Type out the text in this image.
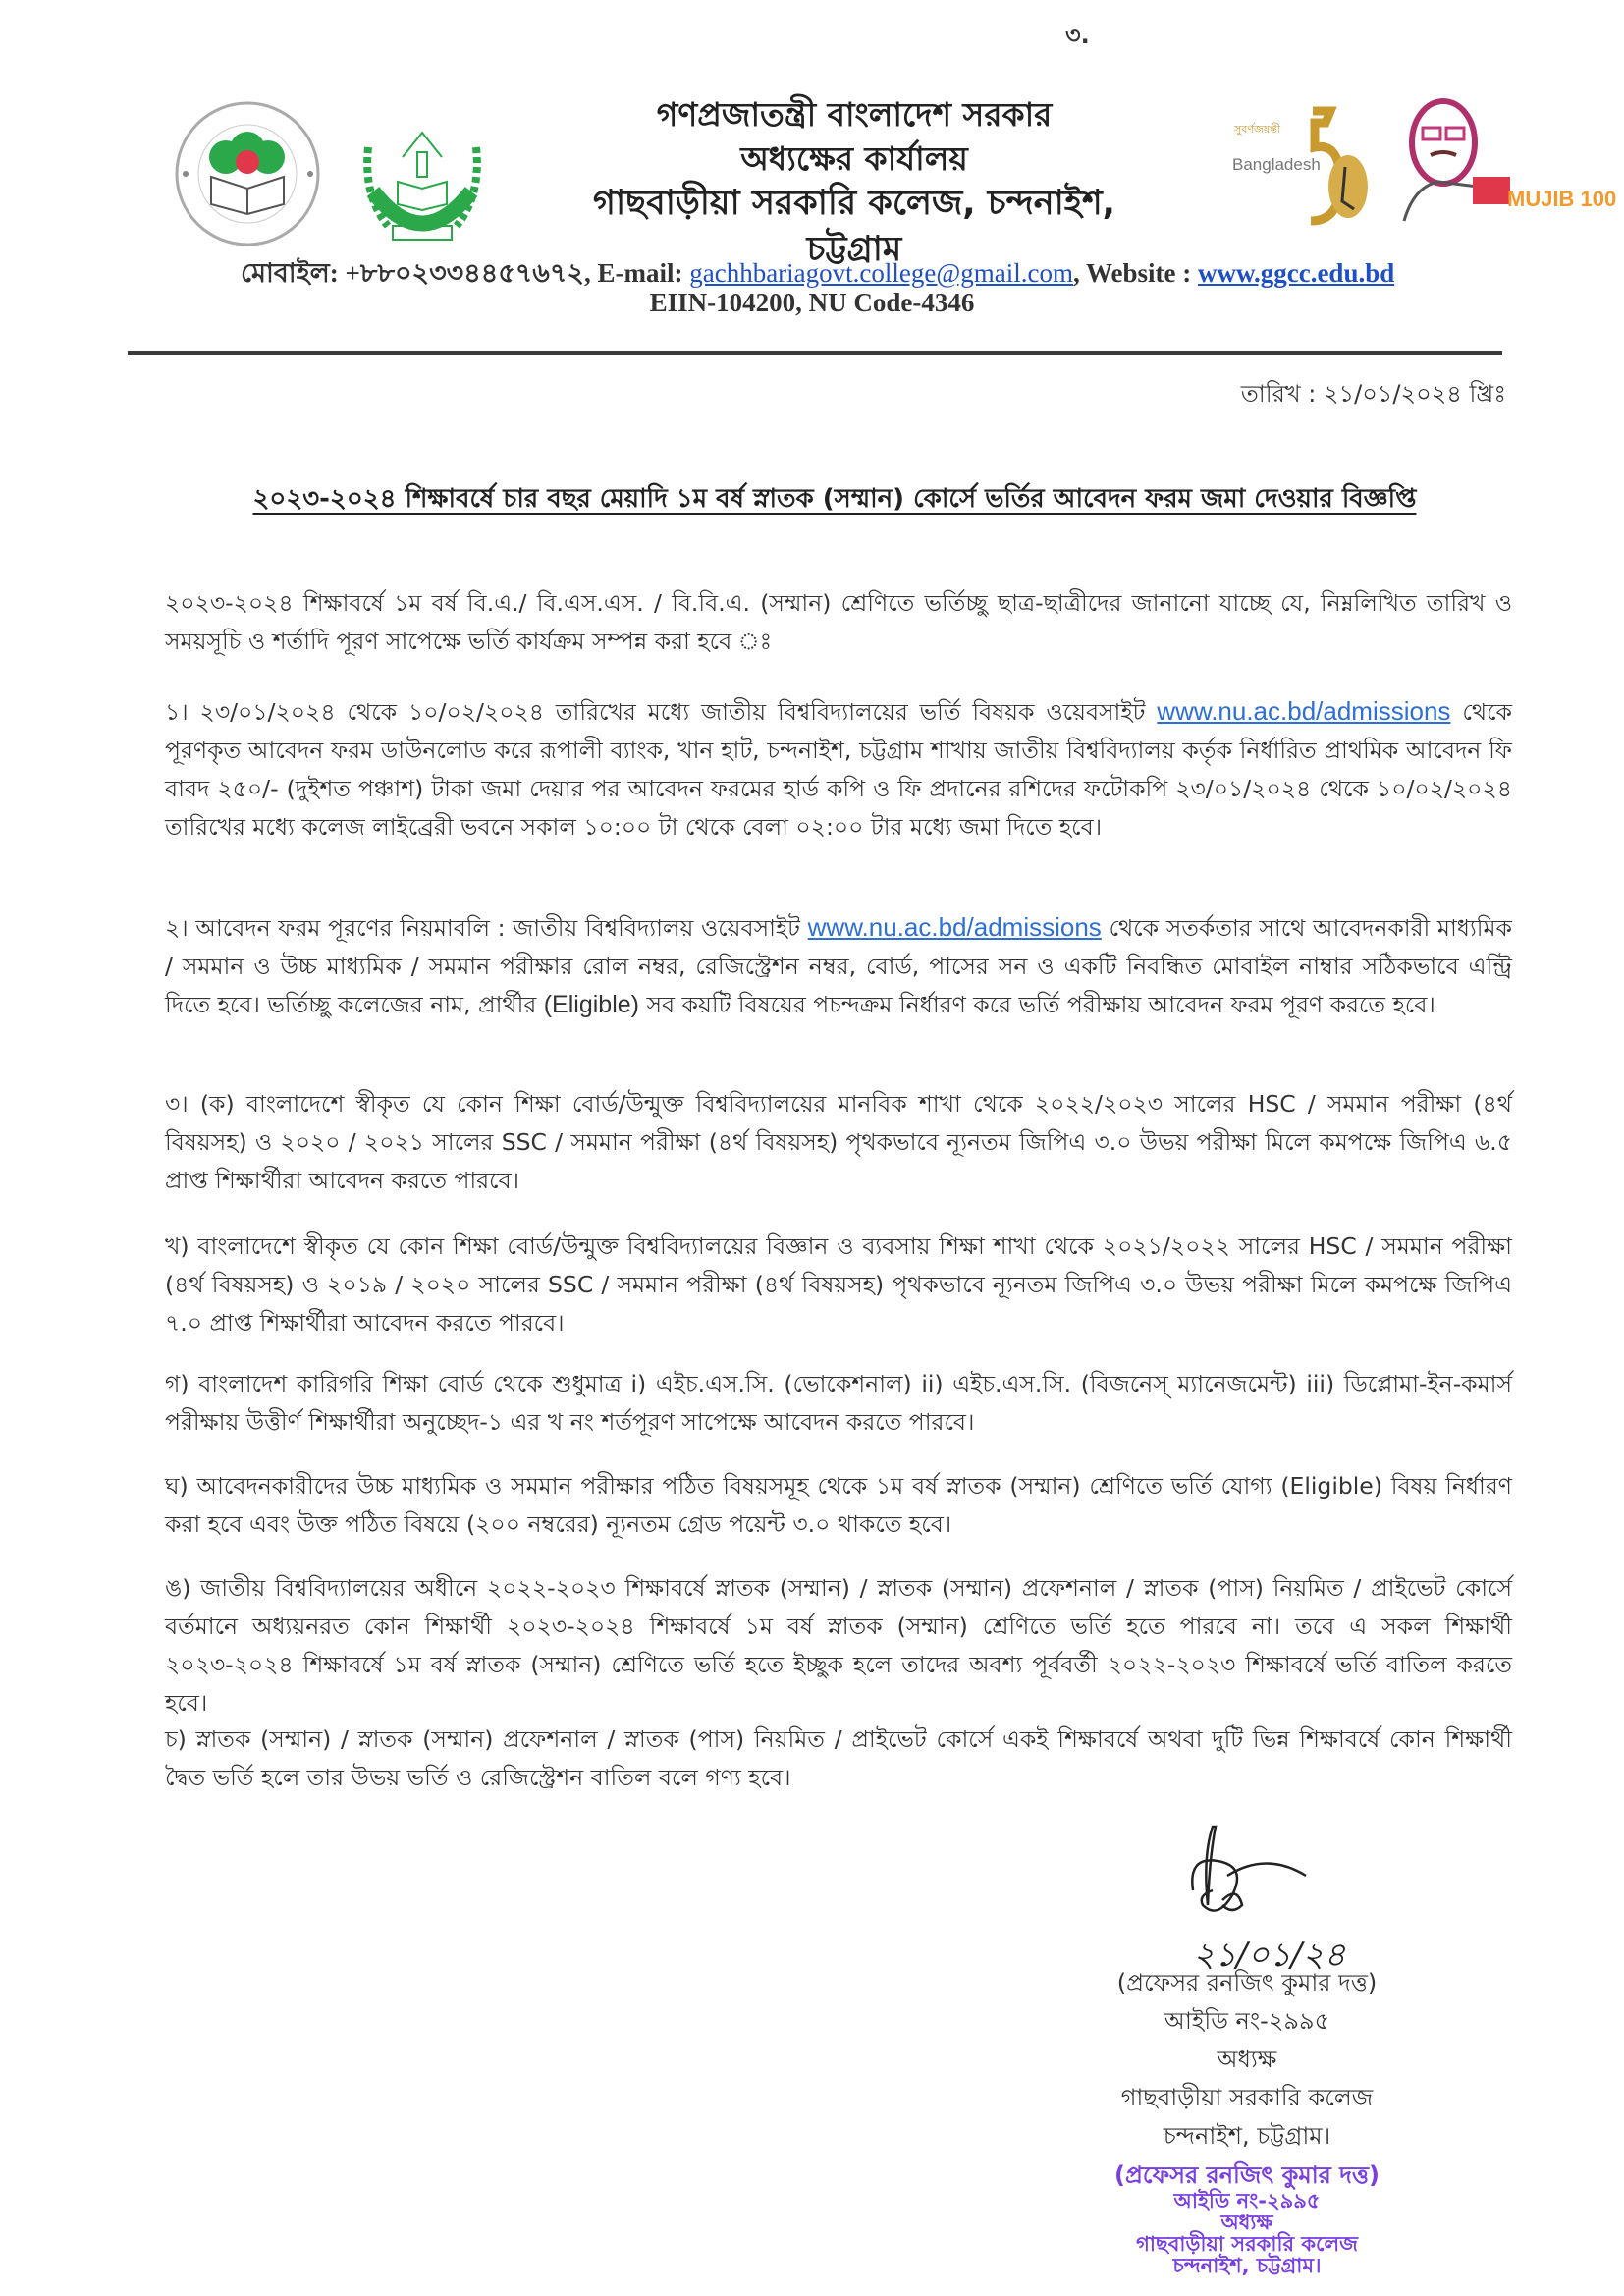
৩.
গণপ্রজাতন্ত্রী বাংলাদেশ সরকার
অধ্যক্ষের কার্যালয়
গাছবাড়ীয়া সরকারি কলেজ, চন্দনাইশ, চট্টগ্রাম
সুবর্ণজয়ন্তী
Bangladesh
MUJIB 100
মোবাইল: +৮৮০২৩৩৪৪৫৭৬৭২, E-mail: gachhbariagovt.college@gmail.com, Website : www.ggcc.edu.bd
EIIN-104200, NU Code-4346
তারিখ : ২১/০১/২০২৪ খ্রিঃ
২০২৩-২০২৪ শিক্ষাবর্ষে চার বছর মেয়াদি ১ম বর্ষ স্নাতক (সম্মান) কোর্সে ভর্তির আবেদন ফরম জমা দেওয়ার বিজ্ঞপ্তি
২০২৩-২০২৪ শিক্ষাবর্ষে ১ম বর্ষ বি.এ./ বি.এস.এস. / বি.বি.এ. (সম্মান) শ্রেণিতে ভর্তিচ্ছু ছাত্র-ছাত্রীদের জানানো যাচ্ছে যে, নিম্নলিখিত তারিখ ও সময়সূচি ও শর্তাদি পূরণ সাপেক্ষে ভর্তি কার্যক্রম সম্পন্ন করা হবে ঃ
১। ২৩/০১/২০২৪ থেকে ১০/০২/২০২৪ তারিখের মধ্যে জাতীয় বিশ্ববিদ্যালয়ের ভর্তি বিষয়ক ওয়েবসাইট www.nu.ac.bd/admissions থেকে পূরণকৃত আবেদন ফরম ডাউনলোড করে রূপালী ব্যাংক, খান হাট, চন্দনাইশ, চট্টগ্রাম শাখায় জাতীয় বিশ্ববিদ্যালয় কর্তৃক নির্ধারিত প্রাথমিক আবেদন ফি বাবদ ২৫০/- (দুইশত পঞ্চাশ) টাকা জমা দেয়ার পর আবেদন ফরমের হার্ড কপি ও ফি প্রদানের রশিদের ফটোকপি ২৩/০১/২০২৪ থেকে ১০/০২/২০২৪ তারিখের মধ্যে কলেজ লাইব্রেরী ভবনে সকাল ১০:০০ টা থেকে বেলা ০২:০০ টার মধ্যে জমা দিতে হবে।
২। আবেদন ফরম পূরণের নিয়মাবলি : জাতীয় বিশ্ববিদ্যালয় ওয়েবসাইট www.nu.ac.bd/admissions থেকে সতর্কতার সাথে আবেদনকারী মাধ্যমিক / সমমান ও উচ্চ মাধ্যমিক / সমমান পরীক্ষার রোল নম্বর, রেজিস্ট্রেশন নম্বর, বোর্ড, পাসের সন ও একটি নিবন্ধিত মোবাইল নাম্বার সঠিকভাবে এন্ট্রি দিতে হবে। ভর্তিচ্ছু কলেজের নাম, প্রার্থীর (Eligible) সব কয়টি বিষয়ের পচন্দক্রম নির্ধারণ করে ভর্তি পরীক্ষায় আবেদন ফরম পূরণ করতে হবে।
৩। (ক) বাংলাদেশে স্বীকৃত যে কোন শিক্ষা বোর্ড/উন্মুক্ত বিশ্ববিদ্যালয়ের মানবিক শাখা থেকে ২০২২/২০২৩ সালের HSC / সমমান পরীক্ষা (৪র্থ বিষয়সহ) ও ২০২০ / ২০২১ সালের SSC / সমমান পরীক্ষা (৪র্থ বিষয়সহ) পৃথকভাবে ন্যূনতম জিপিএ ৩.০ উভয় পরীক্ষা মিলে কমপক্ষে জিপিএ ৬.৫ প্রাপ্ত শিক্ষার্থীরা আবেদন করতে পারবে।
খ) বাংলাদেশে স্বীকৃত যে কোন শিক্ষা বোর্ড/উন্মুক্ত বিশ্ববিদ্যালয়ের বিজ্ঞান ও ব্যবসায় শিক্ষা শাখা থেকে ২০২১/২০২২ সালের HSC / সমমান পরীক্ষা (৪র্থ বিষয়সহ) ও ২০১৯ / ২০২০ সালের SSC / সমমান পরীক্ষা (৪র্থ বিষয়সহ) পৃথকভাবে ন্যূনতম জিপিএ ৩.০ উভয় পরীক্ষা মিলে কমপক্ষে জিপিএ ৭.০ প্রাপ্ত শিক্ষার্থীরা আবেদন করতে পারবে।
গ) বাংলাদেশ কারিগরি শিক্ষা বোর্ড থেকে শুধুমাত্র i) এইচ.এস.সি. (ভোকেশনাল) ii) এইচ.এস.সি. (বিজনেস্ ম্যানেজমেন্ট) iii) ডিপ্লোমা-ইন-কমার্স পরীক্ষায় উত্তীর্ণ শিক্ষার্থীরা অনুচ্ছেদ-১ এর খ নং শর্তপূরণ সাপেক্ষে আবেদন করতে পারবে।
ঘ) আবেদনকারীদের উচ্চ মাধ্যমিক ও সমমান পরীক্ষার পঠিত বিষয়সমূহ থেকে ১ম বর্ষ স্নাতক (সম্মান) শ্রেণিতে ভর্তি যোগ্য (Eligible) বিষয় নির্ধারণ করা হবে এবং উক্ত পঠিত বিষয়ে (২০০ নম্বরের) ন্যূনতম গ্রেড পয়েন্ট ৩.০ থাকতে হবে।
ঙ) জাতীয় বিশ্ববিদ্যালয়ের অধীনে ২০২২-২০২৩ শিক্ষাবর্ষে স্নাতক (সম্মান) / স্নাতক (সম্মান) প্রফেশনাল / স্নাতক (পাস) নিয়মিত / প্রাইভেট কোর্সে বর্তমানে অধ্যয়নরত কোন শিক্ষার্থী ২০২৩-২০২৪ শিক্ষাবর্ষে ১ম বর্ষ স্নাতক (সম্মান) শ্রেণিতে ভর্তি হতে পারবে না। তবে এ সকল শিক্ষার্থী ২০২৩-২০২৪ শিক্ষাবর্ষে ১ম বর্ষ স্নাতক (সম্মান) শ্রেণিতে ভর্তি হতে ইচ্ছুক হলে তাদের অবশ্য পূর্ববর্তী ২০২২-২০২৩ শিক্ষাবর্ষে ভর্তি বাতিল করতে হবে।
চ) স্নাতক (সম্মান) / স্নাতক (সম্মান) প্রফেশনাল / স্নাতক (পাস) নিয়মিত / প্রাইভেট কোর্সে একই শিক্ষাবর্ষে অথবা দুটি ভিন্ন শিক্ষাবর্ষে কোন শিক্ষার্থী দ্বৈত ভর্তি হলে তার উভয় ভর্তি ও রেজিস্ট্রেশন বাতিল বলে গণ্য হবে।
২১/০১/২৪
(প্রফেসর রনজিৎ কুমার দত্ত)
আইডি নং-২৯৯৫
অধ্যক্ষ
গাছবাড়ীয়া সরকারি কলেজ
চন্দনাইশ, চট্টগ্রাম।
(প্রফেসর রনজিৎ কুমার দত্ত)
আইডি নং-২৯৯৫
অধ্যক্ষ
গাছবাড়ীয়া সরকারি কলেজ
চন্দনাইশ, চট্টগ্রাম।
